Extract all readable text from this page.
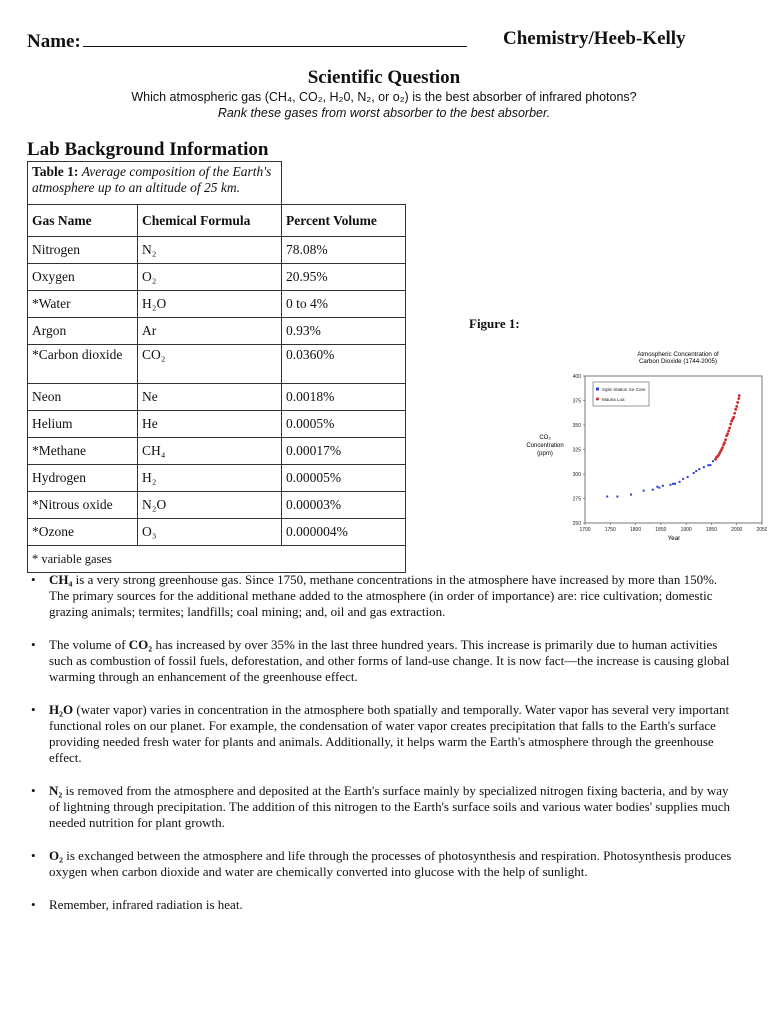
Name:	Chemistry/Heeb-Kelly
Scientific Question
Which atmospheric gas (CH₄, CO₂, H₂0, N₂, or o₂) is the best absorber of infrared photons?
Rank these gases from worst absorber to the best absorber.
Lab Background Information
Table 1: Average composition of the Earth's atmosphere up to an altitude of 25 km.		
Gas Name	Chemical Formula	Percent Volume
Nitrogen	N₂	78.08%
Oxygen	O₂	20.95%
*Water	H₂O	0 to 4%
Argon	Ar	0.93%
*Carbon dioxide	CO₂	0.0360%
Neon	Ne	0.0018%
Helium	He	0.0005%
*Methane	CH₄	0.00017%
Hydrogen	H₂	0.00005%
*Nitrous oxide	N₂O	0.00003%
*Ozone	O₃	0.000004%
* variable gases		
Figure 1:
Atmospheric Concentration of
Carbon Dioxide (1744-2005)
CO₂
Concentration
(ppm)
250
275
300
325
350
375
400
1700	1750	1800	1850	1900	1950	2000	2050
Siple Station Ice Core
Mauna Loa
Year
• CH₄ is a very strong greenhouse gas. Since 1750, methane concentrations in the atmosphere have increased by more than 150%. The primary sources for the additional methane added to the atmosphere (in order of importance) are: rice cultivation; domestic grazing animals; termites; landfills; coal mining; and, oil and gas extraction.
• The volume of CO₂ has increased by over 35% in the last three hundred years. This increase is primarily due to human activities such as combustion of fossil fuels, deforestation, and other forms of land-use change. It is now fact—the increase is causing global warming through an enhancement of the greenhouse effect.
• H₂O (water vapor) varies in concentration in the atmosphere both spatially and temporally. Water vapor has several very important functional roles on our planet. For example, the condensation of water vapor creates precipitation that falls to the Earth's surface providing needed fresh water for plants and animals. Additionally, it helps warm the Earth's atmosphere through the greenhouse effect.
• N₂ is removed from the atmosphere and deposited at the Earth's surface mainly by specialized nitrogen fixing bacteria, and by way of lightning through precipitation. The addition of this nitrogen to the Earth's surface soils and various water bodies' supplies much needed nutrition for plant growth.
• O₂ is exchanged between the atmosphere and life through the processes of photosynthesis and respiration. Photosynthesis produces oxygen when carbon dioxide and water are chemically converted into glucose with the help of sunlight.
• Remember, infrared radiation is heat.
